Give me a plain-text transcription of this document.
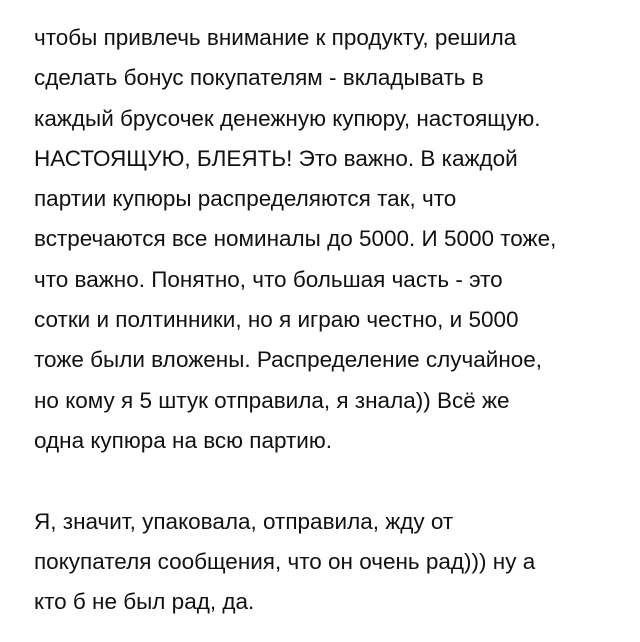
чтобы привлечь внимание к продукту, решила
сделать бонус покупателям - вкладывать в
каждый брусочек денежную купюру, настоящую.
НАСТОЯЩУЮ, БЛЕЯТЬ! Это важно. В каждой
партии купюры распределяются так, что
встречаются все номиналы до 5000. И 5000 тоже,
что важно. Понятно, что большая часть - это
сотки и полтинники, но я играю честно, и 5000
тоже были вложены. Распределение случайное,
но кому я 5 штук отправила, я знала)) Всё же
одна купюра на всю партию.

Я, значит, упаковала, отправила, жду от
покупателя сообщения, что он очень рад))) ну а
кто б не был рад, да.
